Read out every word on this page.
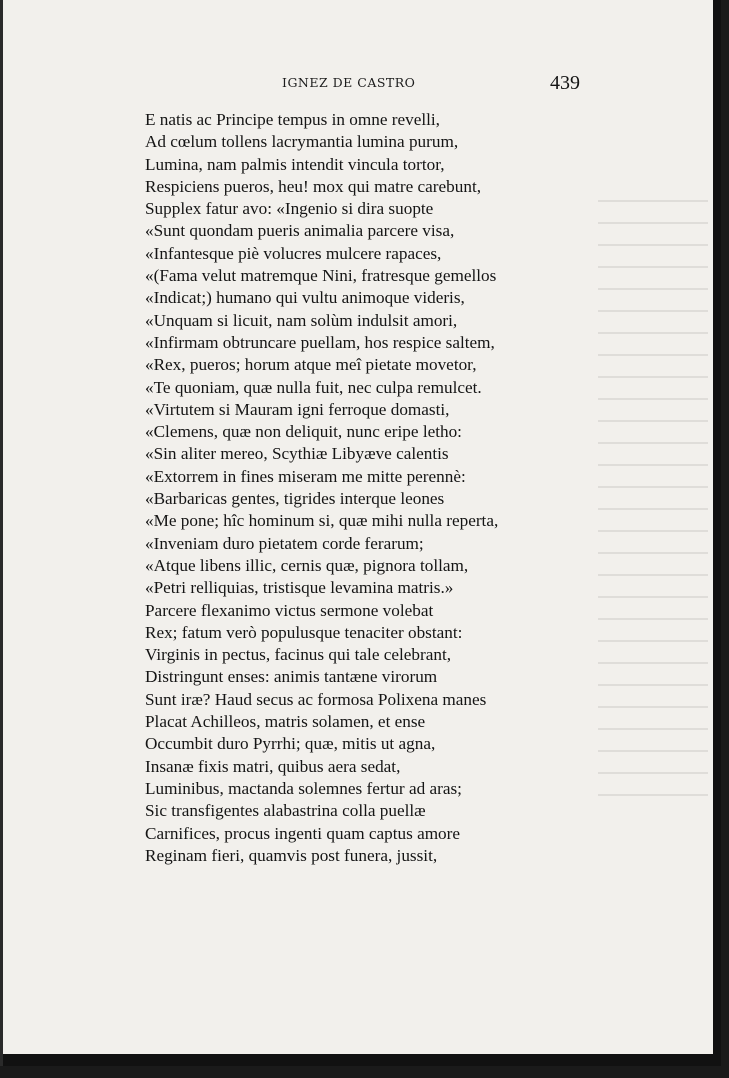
IGNEZ DE CASTRO	439
E natis ac Principe tempus in omne revelli,
Ad cœlum tollens lacrymantia lumina purum,
Lumina, nam palmis intendit vincula tortor,
Respiciens pueros, heu! mox qui matre carebunt,
Supplex fatur avo: «Ingenio si dira suopte
«Sunt quondam pueris animalia parcere visa,
«Infantesque piè volucres mulcere rapaces,
«(Fama velut matremque Nini, fratresque gemellos
«Indicat;) humano qui vultu animoque videris,
«Unquam si licuit, nam solùm indulsit amori,
«Infirmam obtruncare puellam, hos respice saltem,
«Rex, pueros; horum atque meî pietate movetor,
«Te quoniam, quæ nulla fuit, nec culpa remulcet.
«Virtutem si Mauram igni ferroque domasti,
«Clemens, quæ non deliquit, nunc eripe letho:
«Sin aliter mereo, Scythiæ Libyæve calentis
«Extorrem in fines miseram me mitte perennè:
«Barbaricas gentes, tigrides interque leones
«Me pone; hîc hominum si, quæ mihi nulla reperta,
«Inveniam duro pietatem corde ferarum;
«Atque libens illic, cernis quæ, pignora tollam,
«Petri relliquias, tristisque levamina matris.»
Parcere flexanimo victus sermone volebat
Rex; fatum verò populusque tenaciter obstant:
Virginis in pectus, facinus qui tale celebrant,
Distringunt enses: animis tantæne virorum
Sunt iræ? Haud secus ac formosa Polixena manes
Placat Achilleos, matris solamen, et ense
Occumbit duro Pyrrhi; quæ, mitis ut agna,
Insanæ fixis matri, quibus aera sedat,
Luminibus, mactanda solemnes fertur ad aras;
Sic transfigentes alabastrina colla puellæ
Carnifices, procus ingenti quam captus amore
Reginam fieri, quamvis post funera, jussit,
